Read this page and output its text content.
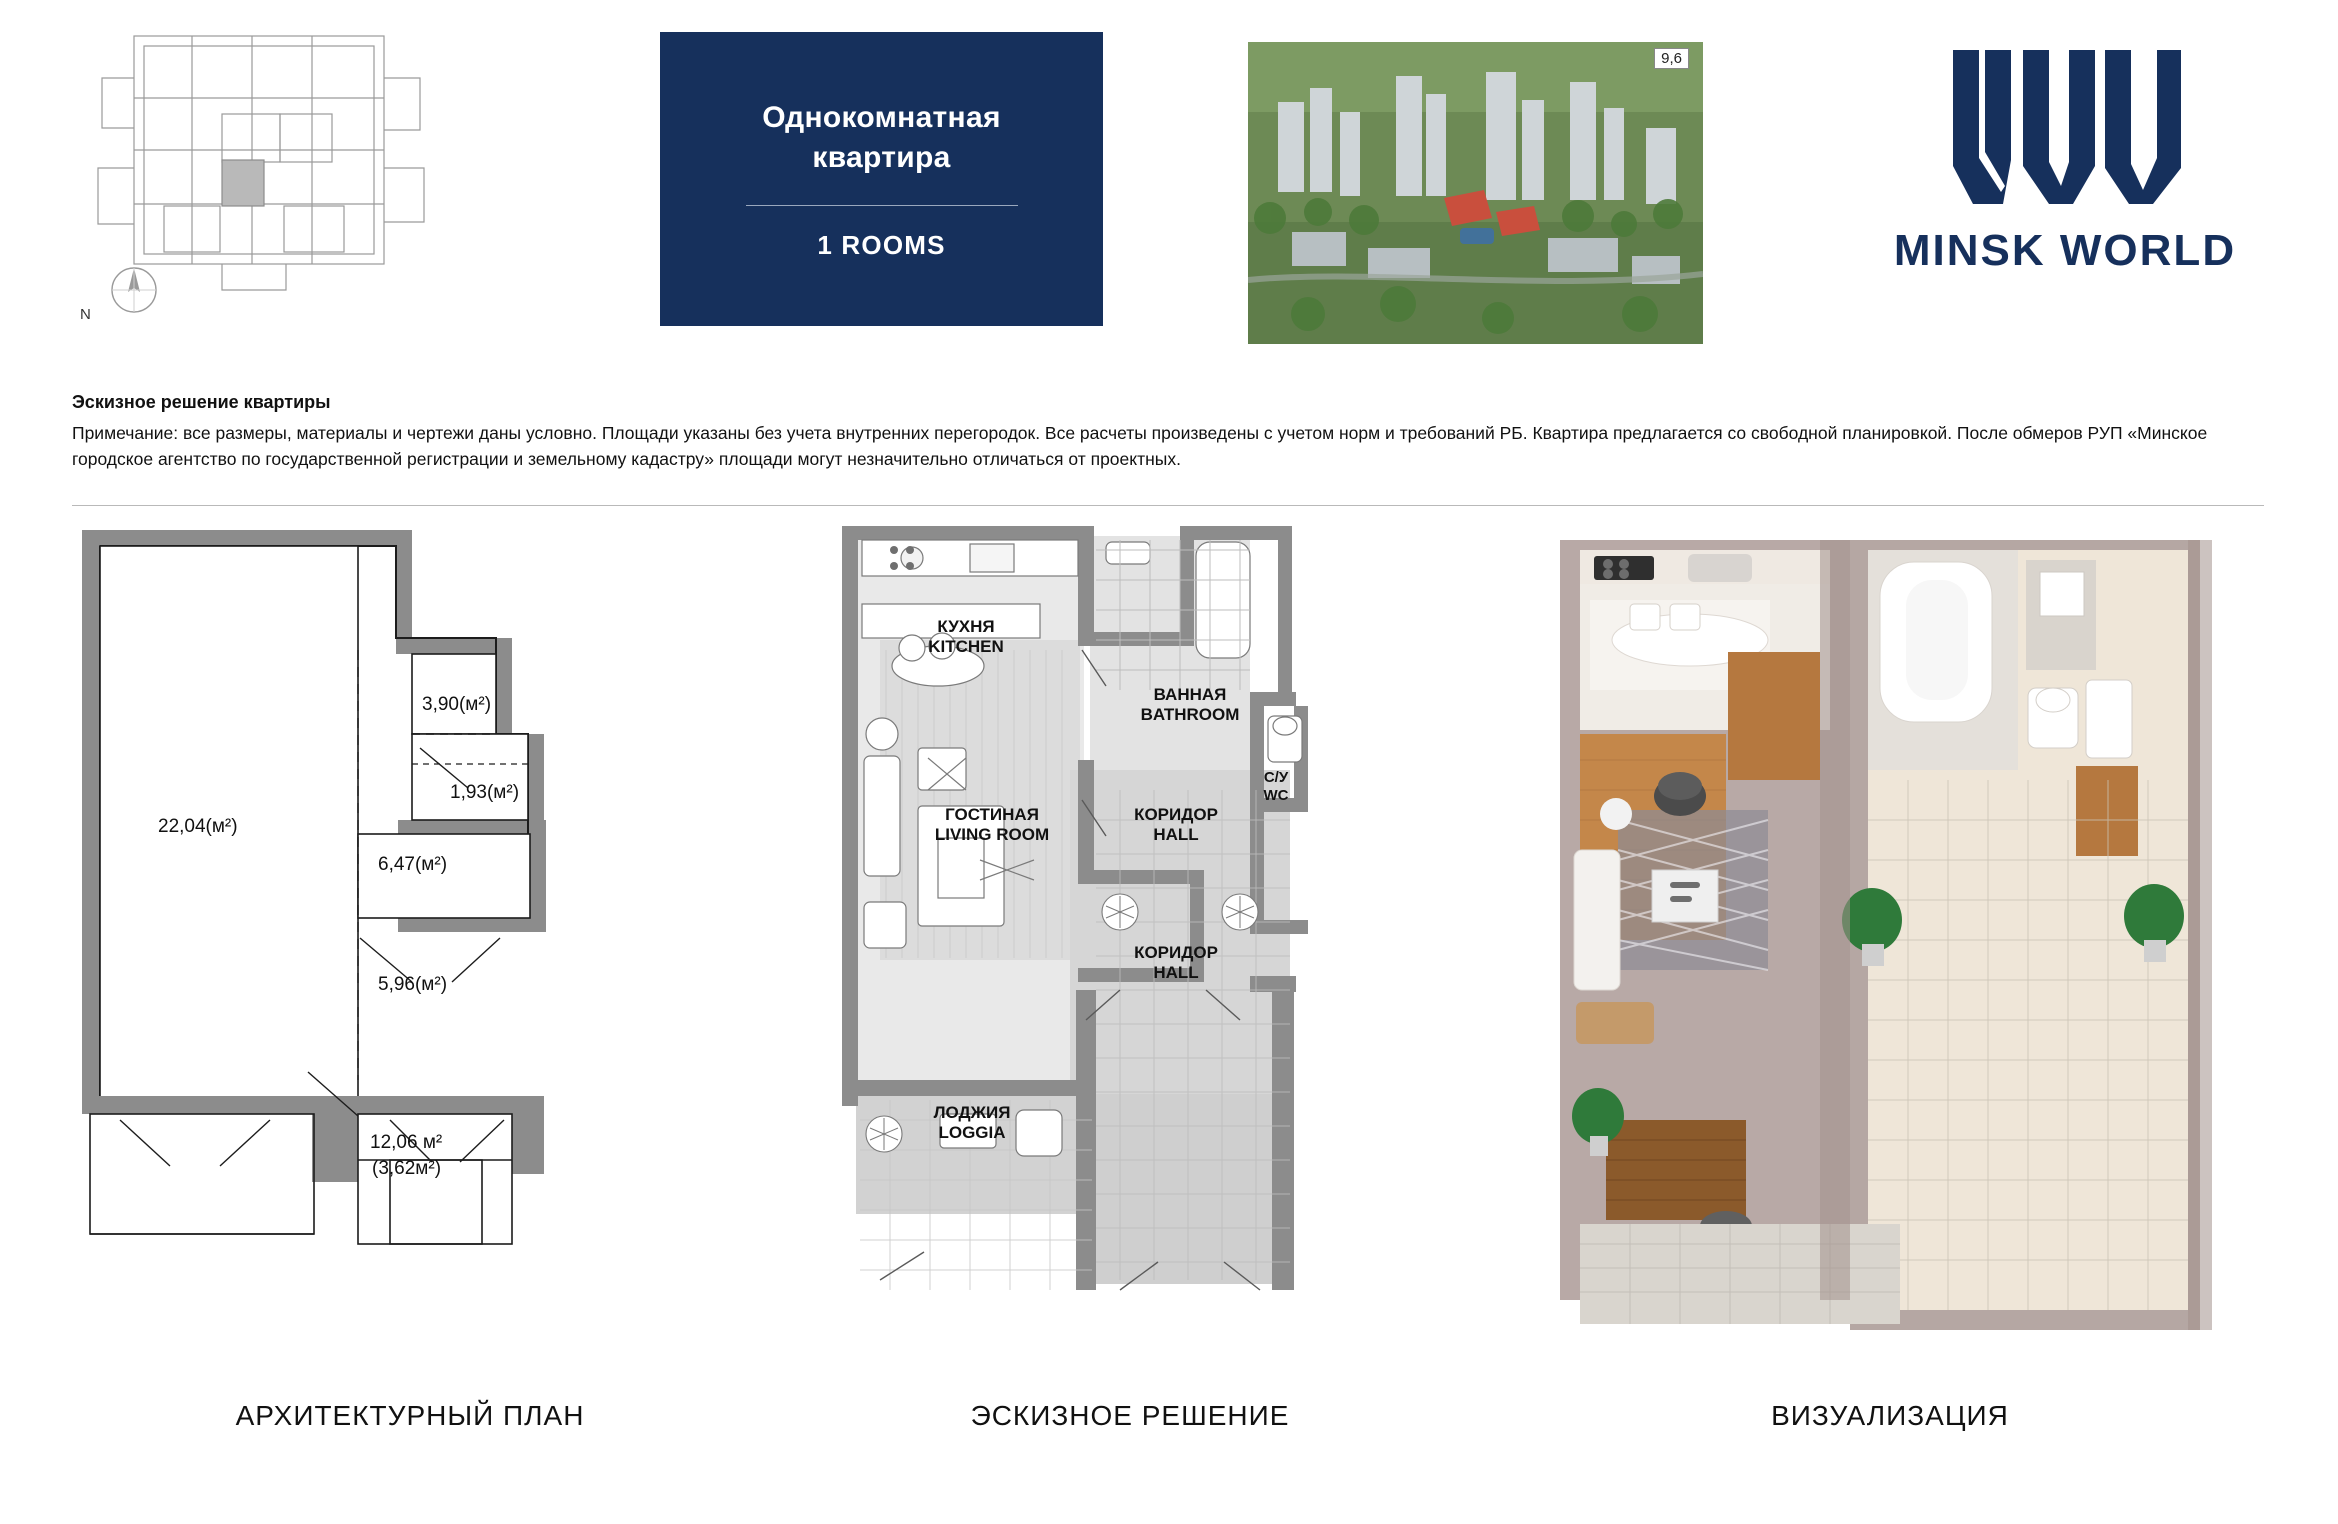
N
Однокомнатная
квартира
1 ROOMS
9,6
MINSK WORLD
Эскизное решение квартиры
Примечание: все размеры, материалы и чертежи даны условно. Площади указаны без учета внутренних перегородок. Все расчеты произведены с учетом норм и требований РБ. Квартира предлагается со свободной планировкой. После обмеров РУП «Минское городское агентство по государственной регистрации и земельному кадастру» площади могут незначительно отличаться от проектных.
22,04(м²)
3,90(м²)
1,93(м²)
6,47(м²)
5,96(м²)
12,06 м²
(3,62м²)
АРХИТЕКТУРНЫЙ ПЛАН
КУХНЯ
KITCHEN
ВАННАЯ
BATHROOM
С/У
WC
ГОСТИНАЯ
LIVING ROOM
КОРИДОР
HALL
КОРИДОР
HALL
ЛОДЖИЯ
LOGGIA
ЭСКИЗНОЕ РЕШЕНИЕ	ВИЗУАЛИЗАЦИЯ
